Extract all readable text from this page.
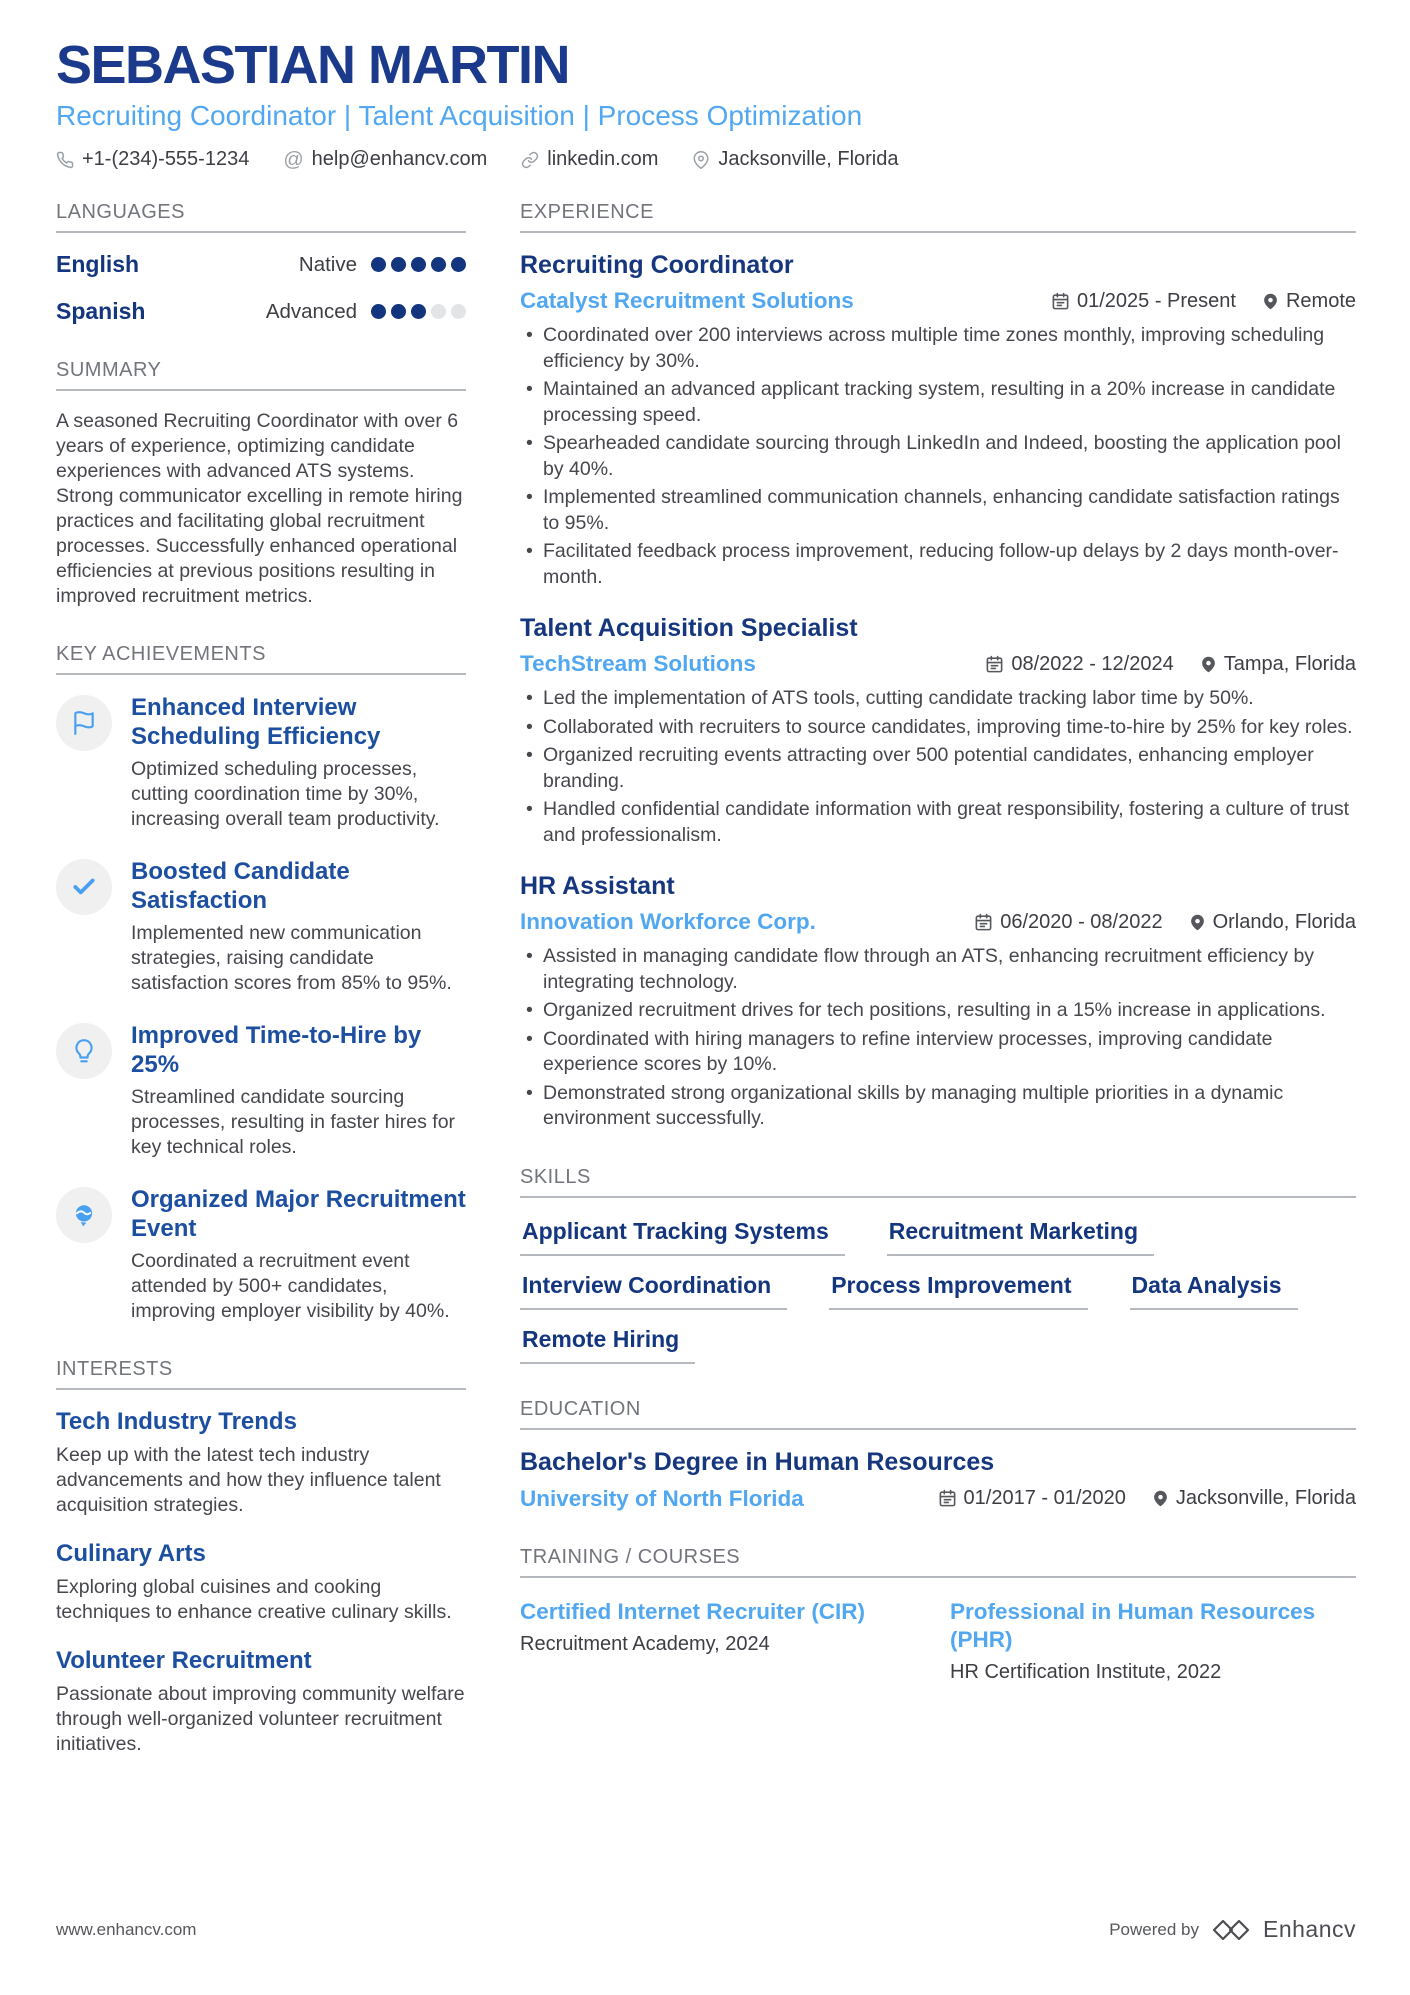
SEBASTIAN MARTIN
Recruiting Coordinator | Talent Acquisition | Process Optimization
+1-(234)-555-1234 @ help@enhancv.com	linkedin.com	Jacksonville, Florida
LANGUAGES
English	Native
Spanish	Advanced
SUMMARY
A seasoned Recruiting Coordinator with over 6 years of experience, optimizing candidate experiences with advanced ATS systems. Strong communicator excelling in remote hiring practices and facilitating global recruitment processes. Successfully enhanced operational efficiencies at previous positions resulting in improved recruitment metrics.
KEY ACHIEVEMENTS
Enhanced Interview Scheduling Efficiency
Optimized scheduling processes, cutting coordination time by 30%, increasing overall team productivity.
Boosted Candidate Satisfaction
Implemented new communication strategies, raising candidate satisfaction scores from 85% to 95%.
Improved Time-to-Hire by 25%
Streamlined candidate sourcing processes, resulting in faster hires for key technical roles.
Organized Major Recruitment Event
Coordinated a recruitment event attended by 500+ candidates, improving employer visibility by 40%.
INTERESTS
Tech Industry Trends
Keep up with the latest tech industry advancements and how they influence talent acquisition strategies.
Culinary Arts
Exploring global cuisines and cooking techniques to enhance creative culinary skills.
Volunteer Recruitment
Passionate about improving community welfare through well-organized volunteer recruitment initiatives.
EXPERIENCE
Recruiting Coordinator
Catalyst Recruitment Solutions	01/2025 - Present	Remote
• Coordinated over 200 interviews across multiple time zones monthly, improving scheduling efficiency by 30%.
• Maintained an advanced applicant tracking system, resulting in a 20% increase in candidate processing speed.
• Spearheaded candidate sourcing through LinkedIn and Indeed, boosting the application pool by 40%.
• Implemented streamlined communication channels, enhancing candidate satisfaction ratings to 95%.
• Facilitated feedback process improvement, reducing follow-up delays by 2 days month-over-month.
Talent Acquisition Specialist
TechStream Solutions	08/2022 - 12/2024	Tampa, Florida
• Led the implementation of ATS tools, cutting candidate tracking labor time by 50%.
• Collaborated with recruiters to source candidates, improving time-to-hire by 25% for key roles.
• Organized recruiting events attracting over 500 potential candidates, enhancing employer branding.
• Handled confidential candidate information with great responsibility, fostering a culture of trust and professionalism.
HR Assistant
Innovation Workforce Corp.	06/2020 - 08/2022	Orlando, Florida
• Assisted in managing candidate flow through an ATS, enhancing recruitment efficiency by integrating technology.
• Organized recruitment drives for tech positions, resulting in a 15% increase in applications.
• Coordinated with hiring managers to refine interview processes, improving candidate experience scores by 10%.
• Demonstrated strong organizational skills by managing multiple priorities in a dynamic environment successfully.
SKILLS
Applicant Tracking Systems	Recruitment Marketing
Interview Coordination	Process Improvement	Data Analysis
Remote Hiring
EDUCATION
Bachelor's Degree in Human Resources
University of North Florida	01/2017 - 01/2020	Jacksonville, Florida
TRAINING / COURSES
Certified Internet Recruiter (CIR)
Recruitment Academy, 2024
Professional in Human Resources (PHR)
HR Certification Institute, 2022
www.enhancv.com	Powered by	Enhancv
